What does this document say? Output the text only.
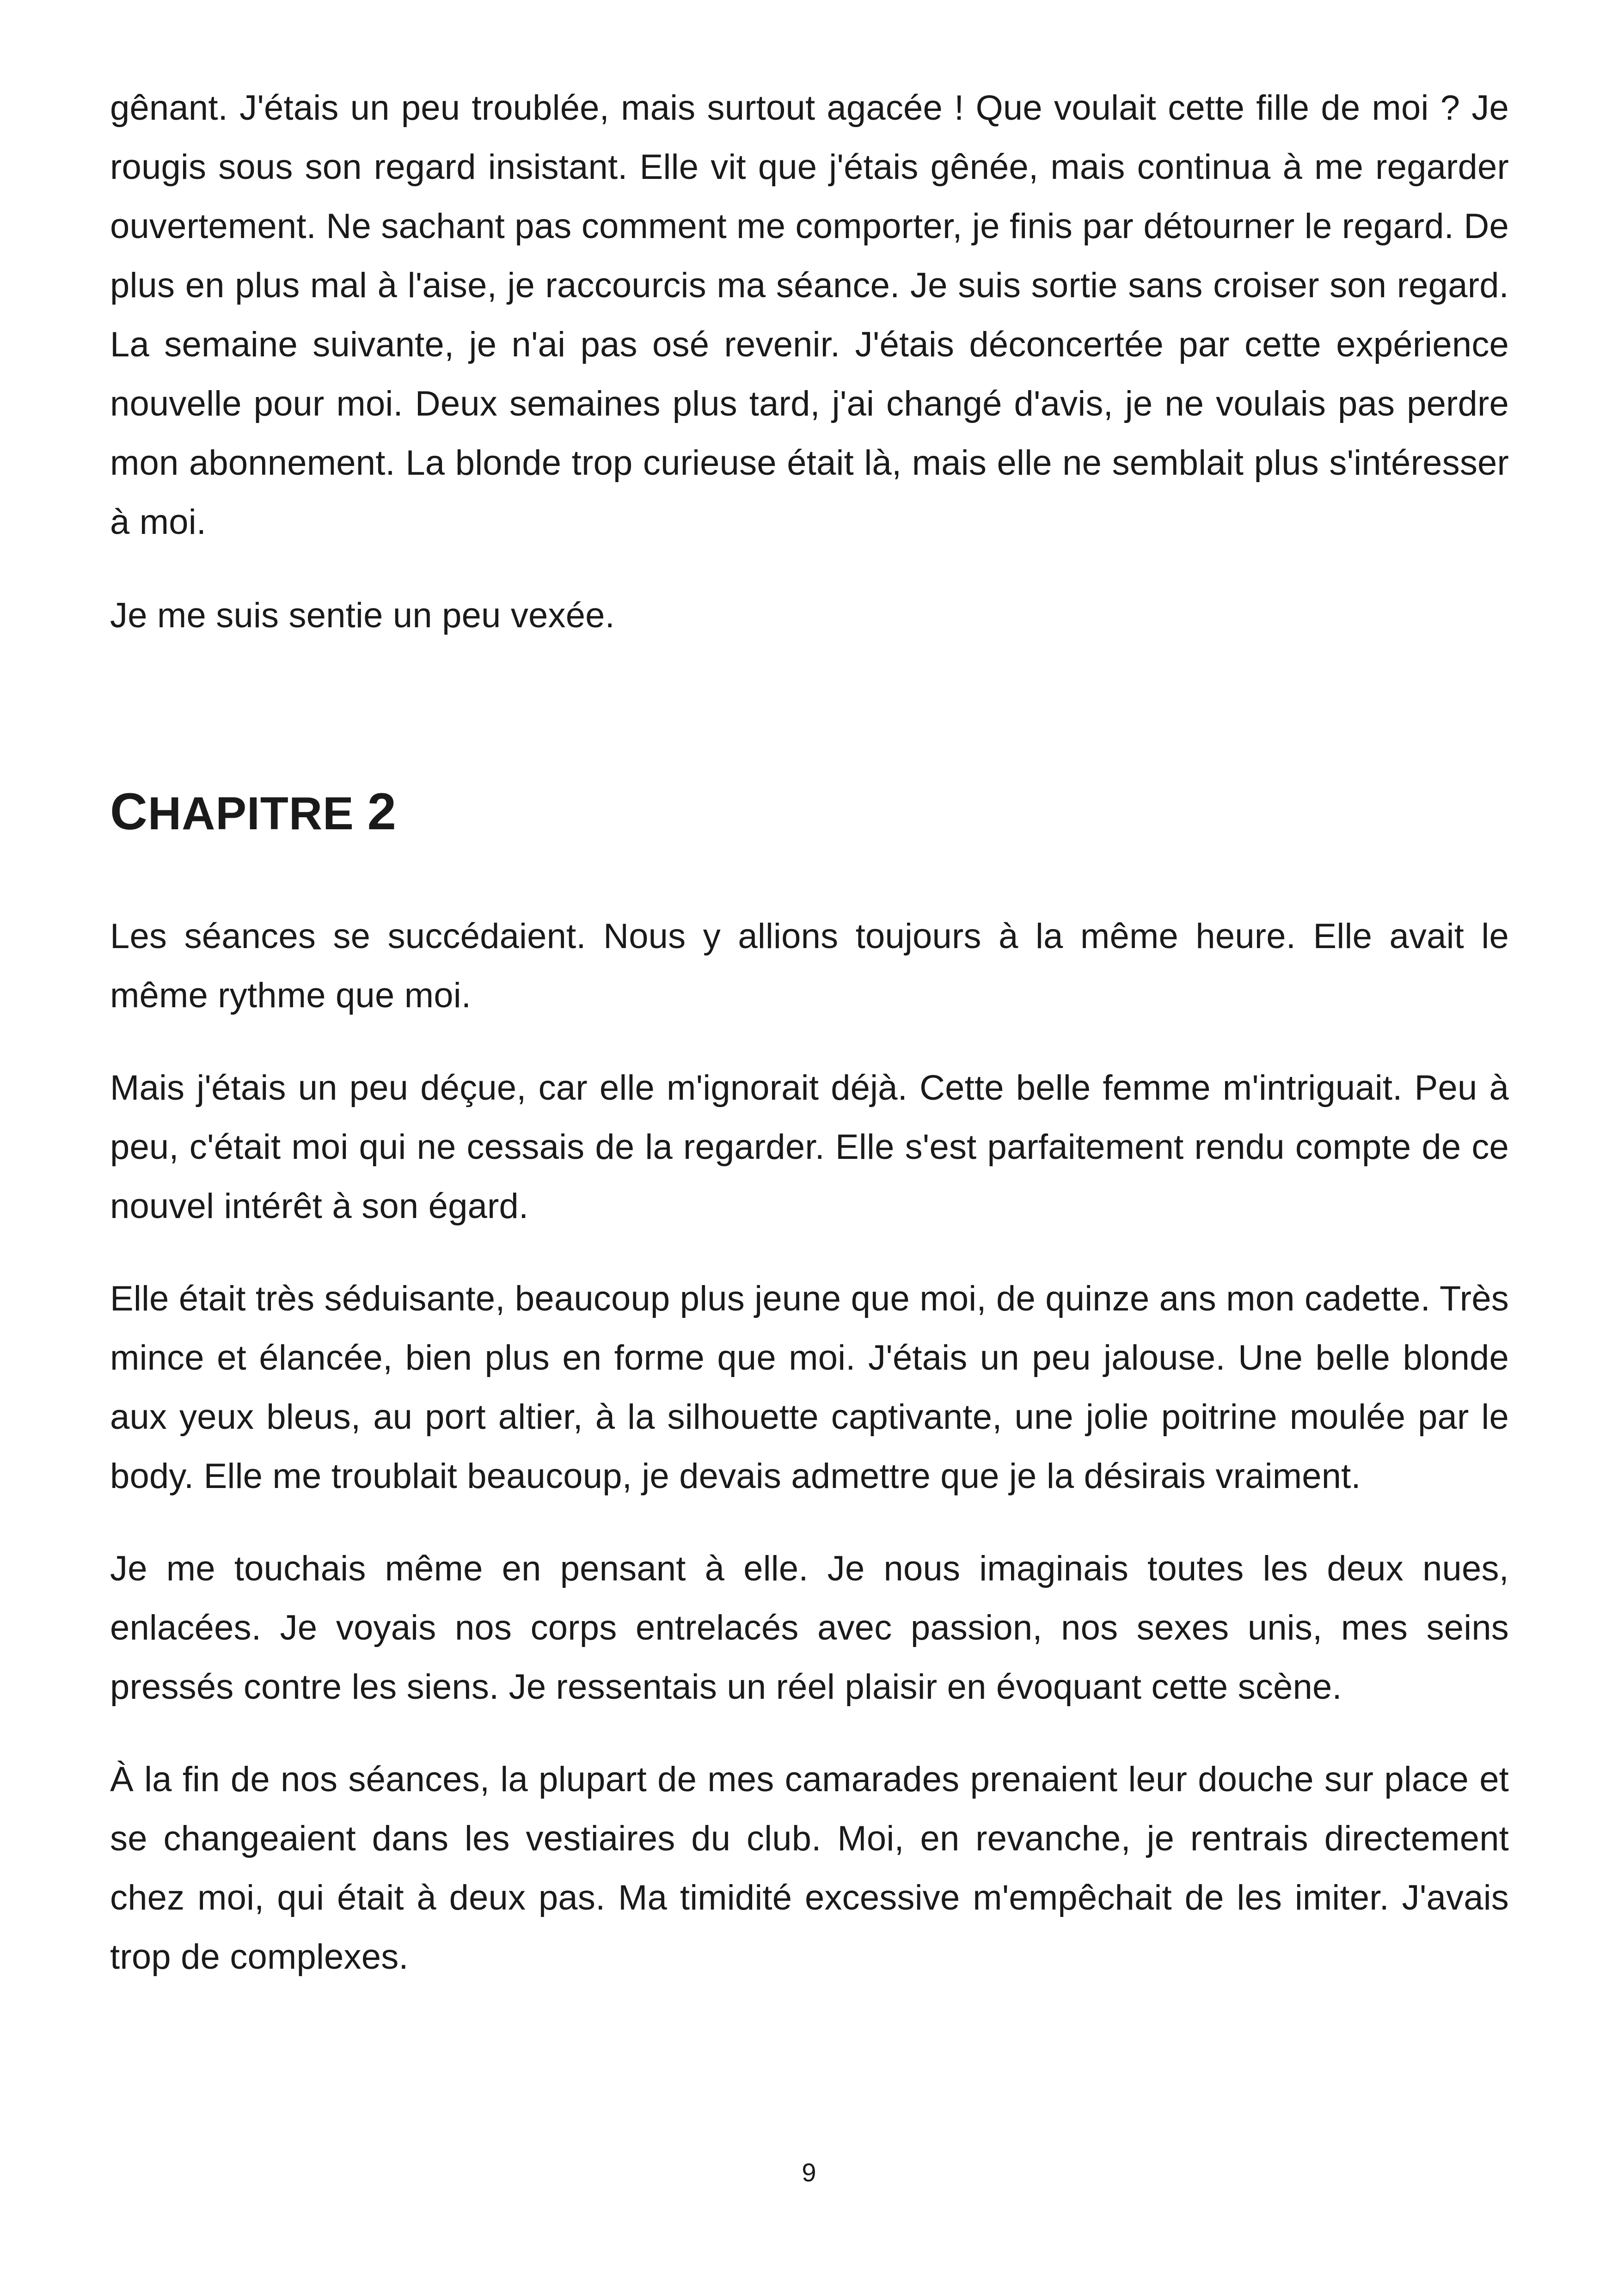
gênant. J'étais un peu troublée, mais surtout agacée ! Que voulait cette fille de moi ? Je rougis sous son regard insistant. Elle vit que j'étais gênée, mais continua à me regarder ouvertement. Ne sachant pas comment me comporter, je finis par détourner le regard. De plus en plus mal à l'aise, je raccourcis ma séance. Je suis sortie sans croiser son regard. La semaine suivante, je n'ai pas osé revenir. J'étais déconcertée par cette expérience nouvelle pour moi. Deux semaines plus tard, j'ai changé d'avis, je ne voulais pas perdre mon abonnement. La blonde trop curieuse était là, mais elle ne semblait plus s'intéresser à moi.

Je me suis sentie un peu vexée.

CHAPITRE 2

Les séances se succédaient. Nous y allions toujours à la même heure. Elle avait le même rythme que moi.

Mais j'étais un peu déçue, car elle m'ignorait déjà. Cette belle femme m'intriguait. Peu à peu, c'était moi qui ne cessais de la regarder. Elle s'est parfaitement rendu compte de ce nouvel intérêt à son égard.

Elle était très séduisante, beaucoup plus jeune que moi, de quinze ans mon cadette. Très mince et élancée, bien plus en forme que moi. J'étais un peu jalouse. Une belle blonde aux yeux bleus, au port altier, à la silhouette captivante, une jolie poitrine moulée par le body. Elle me troublait beaucoup, je devais admettre que je la désirais vraiment.

Je me touchais même en pensant à elle. Je nous imaginais toutes les deux nues, enlacées. Je voyais nos corps entrelacés avec passion, nos sexes unis, mes seins pressés contre les siens. Je ressentais un réel plaisir en évoquant cette scène.

À la fin de nos séances, la plupart de mes camarades prenaient leur douche sur place et se changeaient dans les vestiaires du club. Moi, en revanche, je rentrais directement chez moi, qui était à deux pas. Ma timidité excessive m'empêchait de les imiter. J'avais trop de complexes.

9
